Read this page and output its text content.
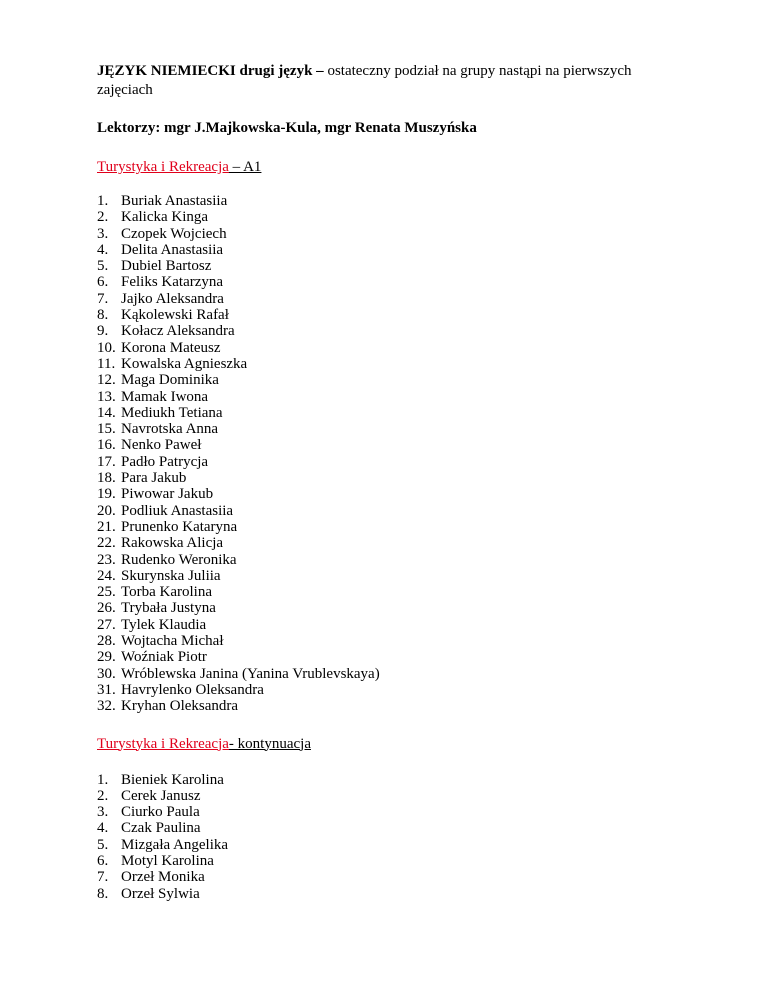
JĘZYK NIEMIECKI drugi język – ostateczny podział na grupy nastąpi na pierwszych zajęciach

Lektorzy: mgr J.Majkowska-Kula, mgr Renata Muszyńska

Turystyka i Rekreacja – A1

1. Buriak Anastasiia
2. Kalicka Kinga
3. Czopek Wojciech
4. Delita Anastasiia
5. Dubiel Bartosz
6. Feliks Katarzyna
7. Jajko Aleksandra
8. Kąkolewski Rafał
9. Kołacz Aleksandra
10. Korona Mateusz
11. Kowalska Agnieszka
12. Maga Dominika
13. Mamak Iwona
14. Mediukh Tetiana
15. Navrotska Anna
16. Nenko Paweł
17. Padło Patrycja
18. Para Jakub
19. Piwowar Jakub
20. Podliuk Anastasiia
21. Prunenko Kataryna
22. Rakowska Alicja
23. Rudenko Weronika
24. Skurynska Juliia
25. Torba Karolina
26. Trybała Justyna
27. Tylek Klaudia
28. Wojtacha Michał
29. Woźniak Piotr
30. Wróblewska Janina (Yanina Vrublevskaya)
31. Havrylenko Oleksandra
32. Kryhan Oleksandra

Turystyka i Rekreacja- kontynuacja

1. Bieniek Karolina
2. Cerek Janusz
3. Ciurko Paula
4. Czak Paulina
5. Mizgała Angelika
6. Motyl Karolina
7. Orzeł Monika
8. Orzeł Sylwia
